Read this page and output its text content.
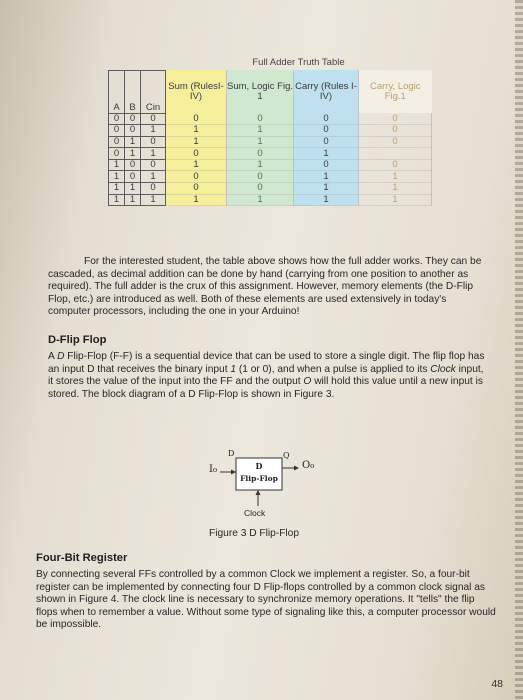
			Full Adder Truth Table			
A	B	Cin	Sum (RulesI-IV)	Sum, Logic Fig. 1	Carry (Rules I-IV)	Carry, Logic Fig.1
0	0	0	0	0	0	0
0	0	1	1	1	0	0
0	1	0	1	1	0	0
0	1	1	0	0	1	
1	0	0	1	1	0	0
1	0	1	0	0	1	1
1	1	0	0	0	1	1
1	1	1	1	1	1	1
For the interested student, the table above shows how the full adder works. They can be cascaded, as decimal addition can be done by hand (carrying from one position to another as required). The full adder is the crux of this assignment. However, memory elements (the D-Flip Flop, etc.) are introduced as well. Both of these elements are used extensively in today's computer processors, including the one in your Arduino!
D-Flip Flop
A D Flip-Flop (F-F) is a sequential device that can be used to store a single digit. The flip flop has an input D that receives the binary input 1 (1 or 0), and when a pulse is applied to its Clock input, it stores the value of the input into the FF and the output O will hold this value until a new input is stored. The block diagram of a D Flip-Flop is shown in Figure 3.
D	Q
I₀	O₀
D
Flip-Flop
Clock
Figure 3 D Flip-Flop
Four-Bit Register
By connecting several FFs controlled by a common Clock we implement a register. So, a four-bit register can be implemented by connecting four D Flip-flops controlled by a common clock signal as shown in Figure 4. The clock line is necessary to synchronize memory operations. It "tells" the flip flops when to remember a value. Without some type of signaling like this, a computer processor would be impossible.
48
